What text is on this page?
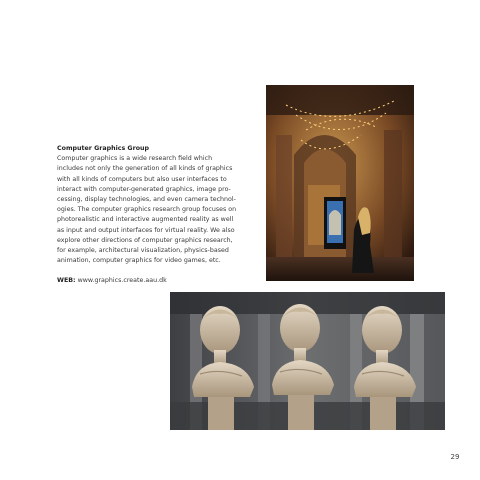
Computer Graphics Group

Computer graphics is a wide research field which

includes not only the generation of all kinds of graphics

with all kinds of computers but also user interfaces to

interact with computer-generated graphics, image pro-

cessing, display technologies, and even camera technol-

ogies. The computer graphics research group focuses on

photorealistic and interactive augmented reality as well

as input and output interfaces for virtual reality. We also

explore other directions of computer graphics research,

for example, architectural visualization, physics-based

animation, computer graphics for video games, etc.

WEB: www.graphics.create.aau.dk

29
